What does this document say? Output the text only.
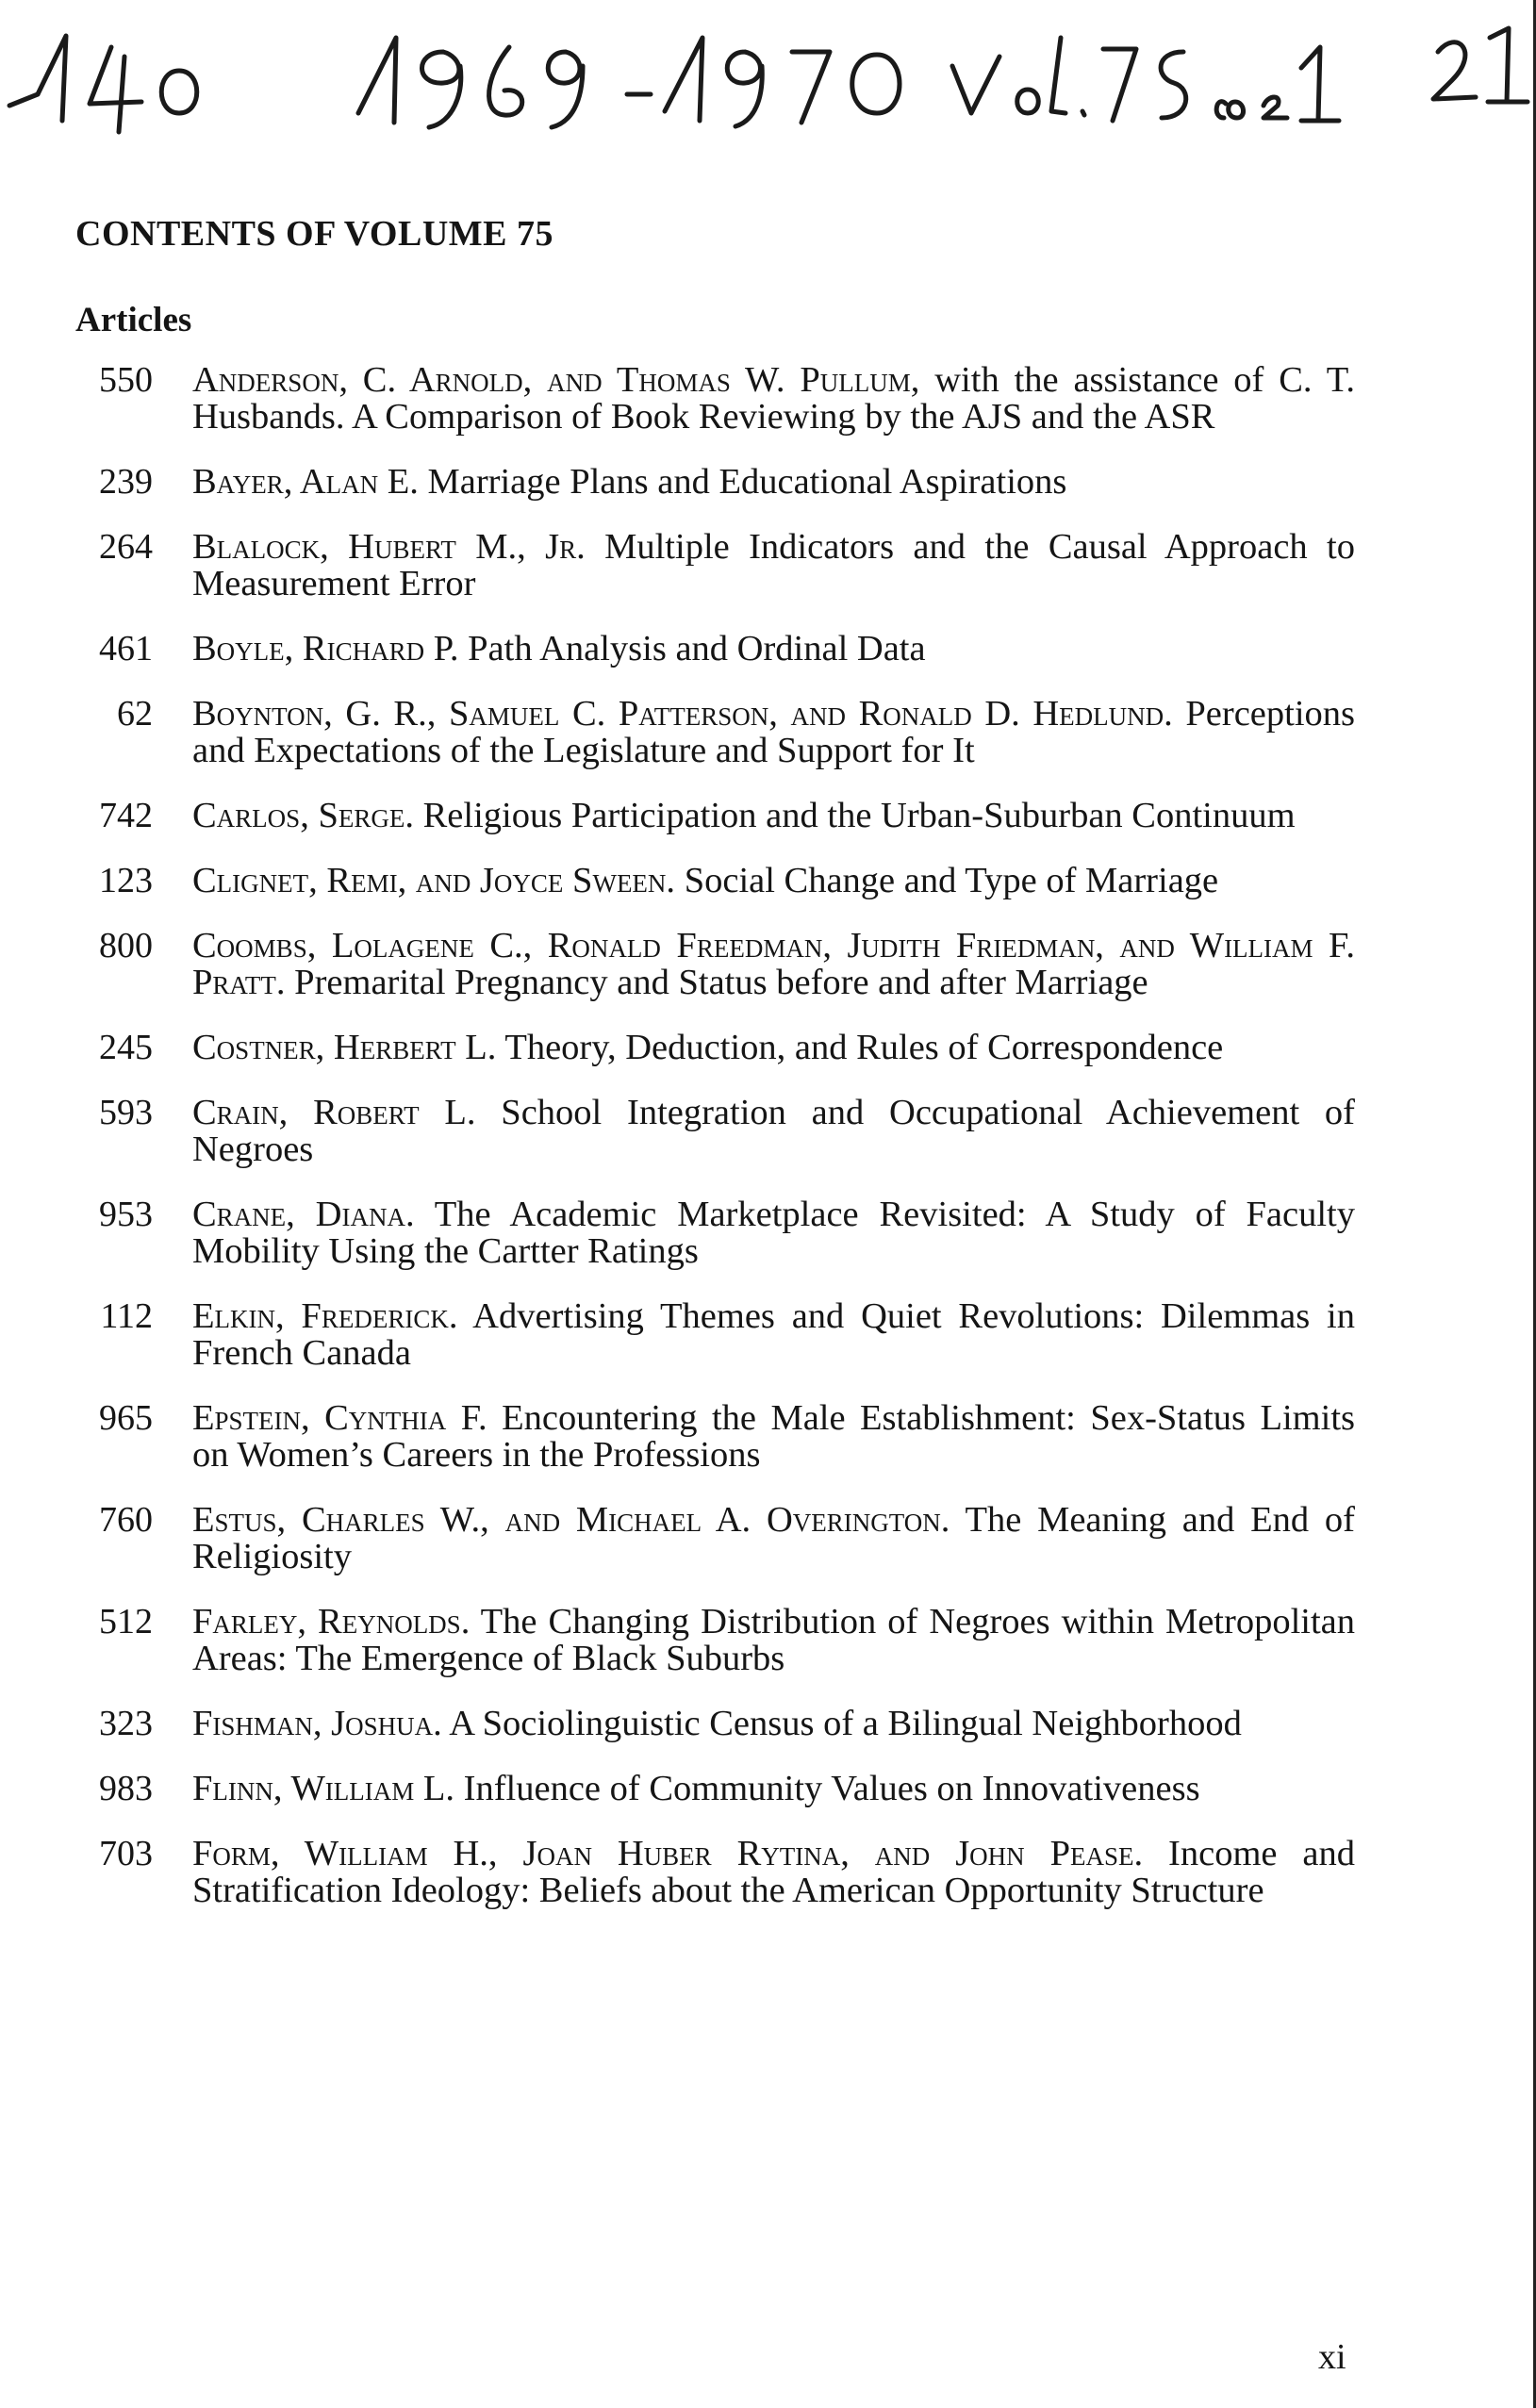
CONTENTS OF VOLUME 75
Articles
550 Anderson, C. Arnold, and Thomas W. Pullum, with the assistance of C. T. Husbands. A Comparison of Book Reviewing by the AJS and the ASR
239 Bayer, Alan E. Marriage Plans and Educational Aspirations
264 Blalock, Hubert M., Jr. Multiple Indicators and the Causal Approach to Measurement Error
461 Boyle, Richard P. Path Analysis and Ordinal Data
62 Boynton, G. R., Samuel C. Patterson, and Ronald D. Hedlund. Perceptions and Expectations of the Legislature and Support for It
742 Carlos, Serge. Religious Participation and the Urban-Suburban Continuum
123 Clignet, Remi, and Joyce Sween. Social Change and Type of Marriage
800 Coombs, Lolagene C., Ronald Freedman, Judith Friedman, and William F. Pratt. Premarital Pregnancy and Status before and after Marriage
245 Costner, Herbert L. Theory, Deduction, and Rules of Correspondence
593 Crain, Robert L. School Integration and Occupational Achievement of Negroes
953 Crane, Diana. The Academic Marketplace Revisited: A Study of Faculty Mobility Using the Cartter Ratings
112 Elkin, Frederick. Advertising Themes and Quiet Revolutions: Dilemmas in French Canada
965 Epstein, Cynthia F. Encountering the Male Establishment: Sex-Status Limits on Women’s Careers in the Professions
760 Estus, Charles W., and Michael A. Overington. The Meaning and End of Religiosity
512 Farley, Reynolds. The Changing Distribution of Negroes within Metropolitan Areas: The Emergence of Black Suburbs
323 Fishman, Joshua. A Sociolinguistic Census of a Bilingual Neighborhood
983 Flinn, William L. Influence of Community Values on Innovativeness
703 Form, William H., Joan Huber Rytina, and John Pease. Income and Stratification Ideology: Beliefs about the American Opportunity Structure
xi
